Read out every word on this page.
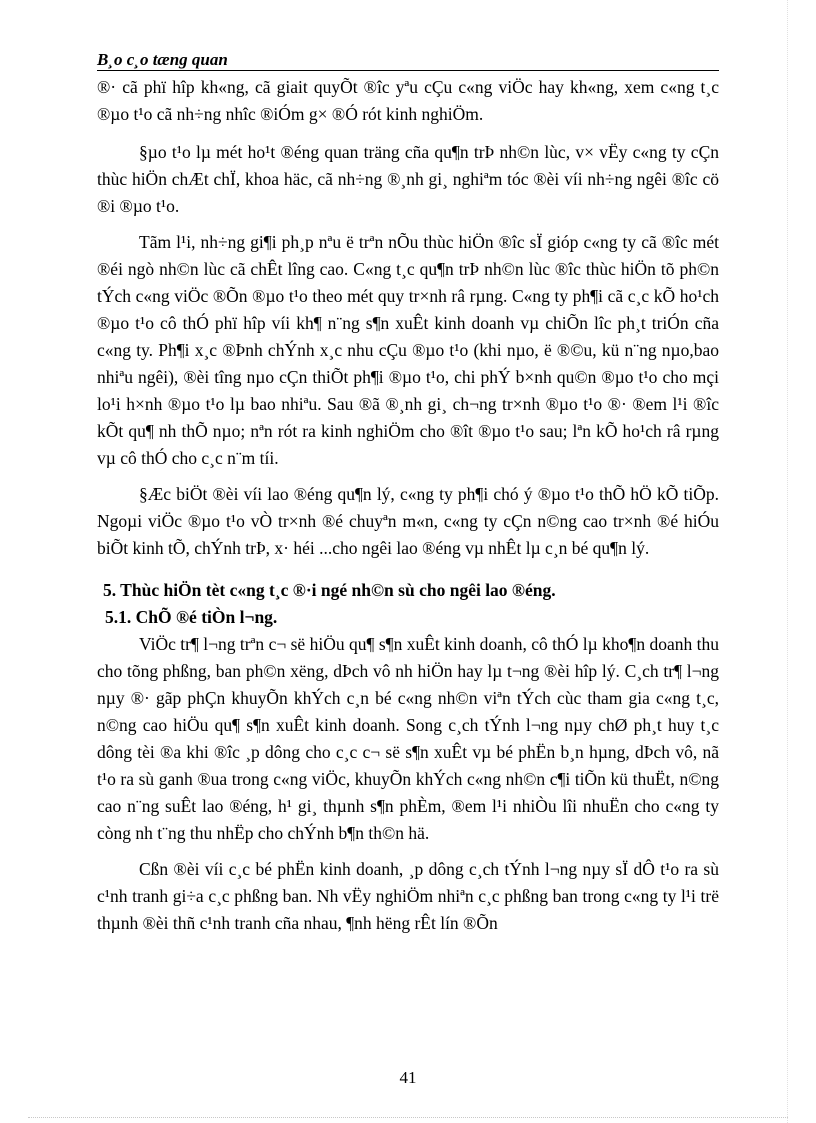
B¸o c¸o tæng quan

®· cã phï hîp kh«ng, cã giait quyÕt ®îc yªu cÇu c«ng viÖc hay kh«ng, xem c«ng t¸c ®µo t¹o cã nh÷ng nhîc ®iÓm g× ®Ó rót kinh nghiÖm.

§µo t¹o lµ mét ho¹t ®éng quan träng cña qu¶n trÞ nh©n lùc, v× vËy c«ng ty cÇn thùc hiÖn chÆt chÏ, khoa häc, cã nh÷ng ®¸nh gi¸ nghiªm tóc ®èi víi nh÷ng ngêi ®îc cö ®i ®µo t¹o.

Tãm l¹i, nh÷ng gi¶i ph¸p nªu ë trªn nÕu thùc hiÖn ®îc sÏ gióp c«ng ty cã ®îc mét ®éi ngò nh©n lùc cã chÊt lîng cao. C«ng t¸c qu¶n trÞ nh©n lùc ®îc thùc hiÖn tõ ph©n tÝch c«ng viÖc ®Õn ®µo t¹o theo mét quy tr×nh râ rµng. C«ng ty ph¶i cã c¸c kÕ ho¹ch ®µo t¹o cô thÓ phï hîp víi kh¶ n¨ng s¶n xuÊt kinh doanh vµ chiÕn lîc ph¸t triÓn cña c«ng ty. Ph¶i x¸c ®Þnh chÝnh x¸c nhu cÇu ®µo t¹o (khi nµo, ë ®©u, kü n¨ng nµo,bao nhiªu ngêi), ®èi tîng nµo cÇn thiÕt ph¶i ®µo t¹o, chi phÝ b×nh qu©n ®µo t¹o cho mçi lo¹i h×nh ®µo t¹o lµ bao nhiªu. Sau ®ã ®¸nh gi¸ ch¬ng tr×nh ®µo t¹o ®· ®em l¹i ®îc kÕt qu¶ nh thÕ nµo; nªn rót ra kinh nghiÖm cho ®ît ®µo t¹o sau; lªn kÕ ho¹ch râ rµng vµ cô thÓ cho c¸c n¨m tíi.

§Æc biÖt ®èi víi lao ®éng qu¶n lý, c«ng ty ph¶i chó ý ®µo t¹o thÕ hÖ kÕ tiÕp. Ngoµi viÖc ®µo t¹o vÒ tr×nh ®é chuyªn m«n, c«ng ty cÇn n©ng cao tr×nh ®é hiÓu biÕt kinh tÕ, chÝnh trÞ, x· héi ...cho ngêi lao ®éng vµ nhÊt lµ c¸n bé qu¶n lý.

5. Thùc hiÖn tèt c«ng t¸c ®·i ngé nh©n sù cho ngêi lao ®éng.
5.1. ChÕ ®é tiÒn l¬ng.

ViÖc tr¶ l¬ng trªn c¬ së hiÖu qu¶ s¶n xuÊt kinh doanh, cô thÓ lµ kho¶n doanh thu cho tõng phßng, ban ph©n xëng, dÞch vô nh hiÖn hay lµ t¬ng ®èi hîp lý. C¸ch tr¶ l¬ng nµy ®· gãp phÇn khuyÕn khÝch c¸n bé c«ng nh©n viªn tÝch cùc tham gia c«ng t¸c, n©ng cao hiÖu qu¶ s¶n xuÊt kinh doanh. Song c¸ch tÝnh l¬ng nµy chØ ph¸t huy t¸c dông tèi ®a khi ®îc ¸p dông cho c¸c c¬ së s¶n xuÊt vµ bé phËn b¸n hµng, dÞch vô, nã t¹o ra sù ganh ®ua trong c«ng viÖc, khuyÕn khÝch c«ng nh©n c¶i tiÕn kü thuËt, n©ng cao n¨ng suÊt lao ®éng, h¹ gi¸ thµnh s¶n phÈm, ®em l¹i nhiÒu lîi nhuËn cho c«ng ty còng nh t¨ng thu nhËp cho chÝnh b¶n th©n hä.

Cßn ®èi víi c¸c bé phËn kinh doanh, ¸p dông c¸ch tÝnh l¬ng nµy sÏ dÔ t¹o ra sù c¹nh tranh gi÷a c¸c phßng ban. Nh vËy nghiÖm nhiªn c¸c phßng ban trong c«ng ty l¹i trë thµnh ®èi thñ c¹nh tranh cña nhau, ¶nh hëng rÊt lín ®Õn

41
